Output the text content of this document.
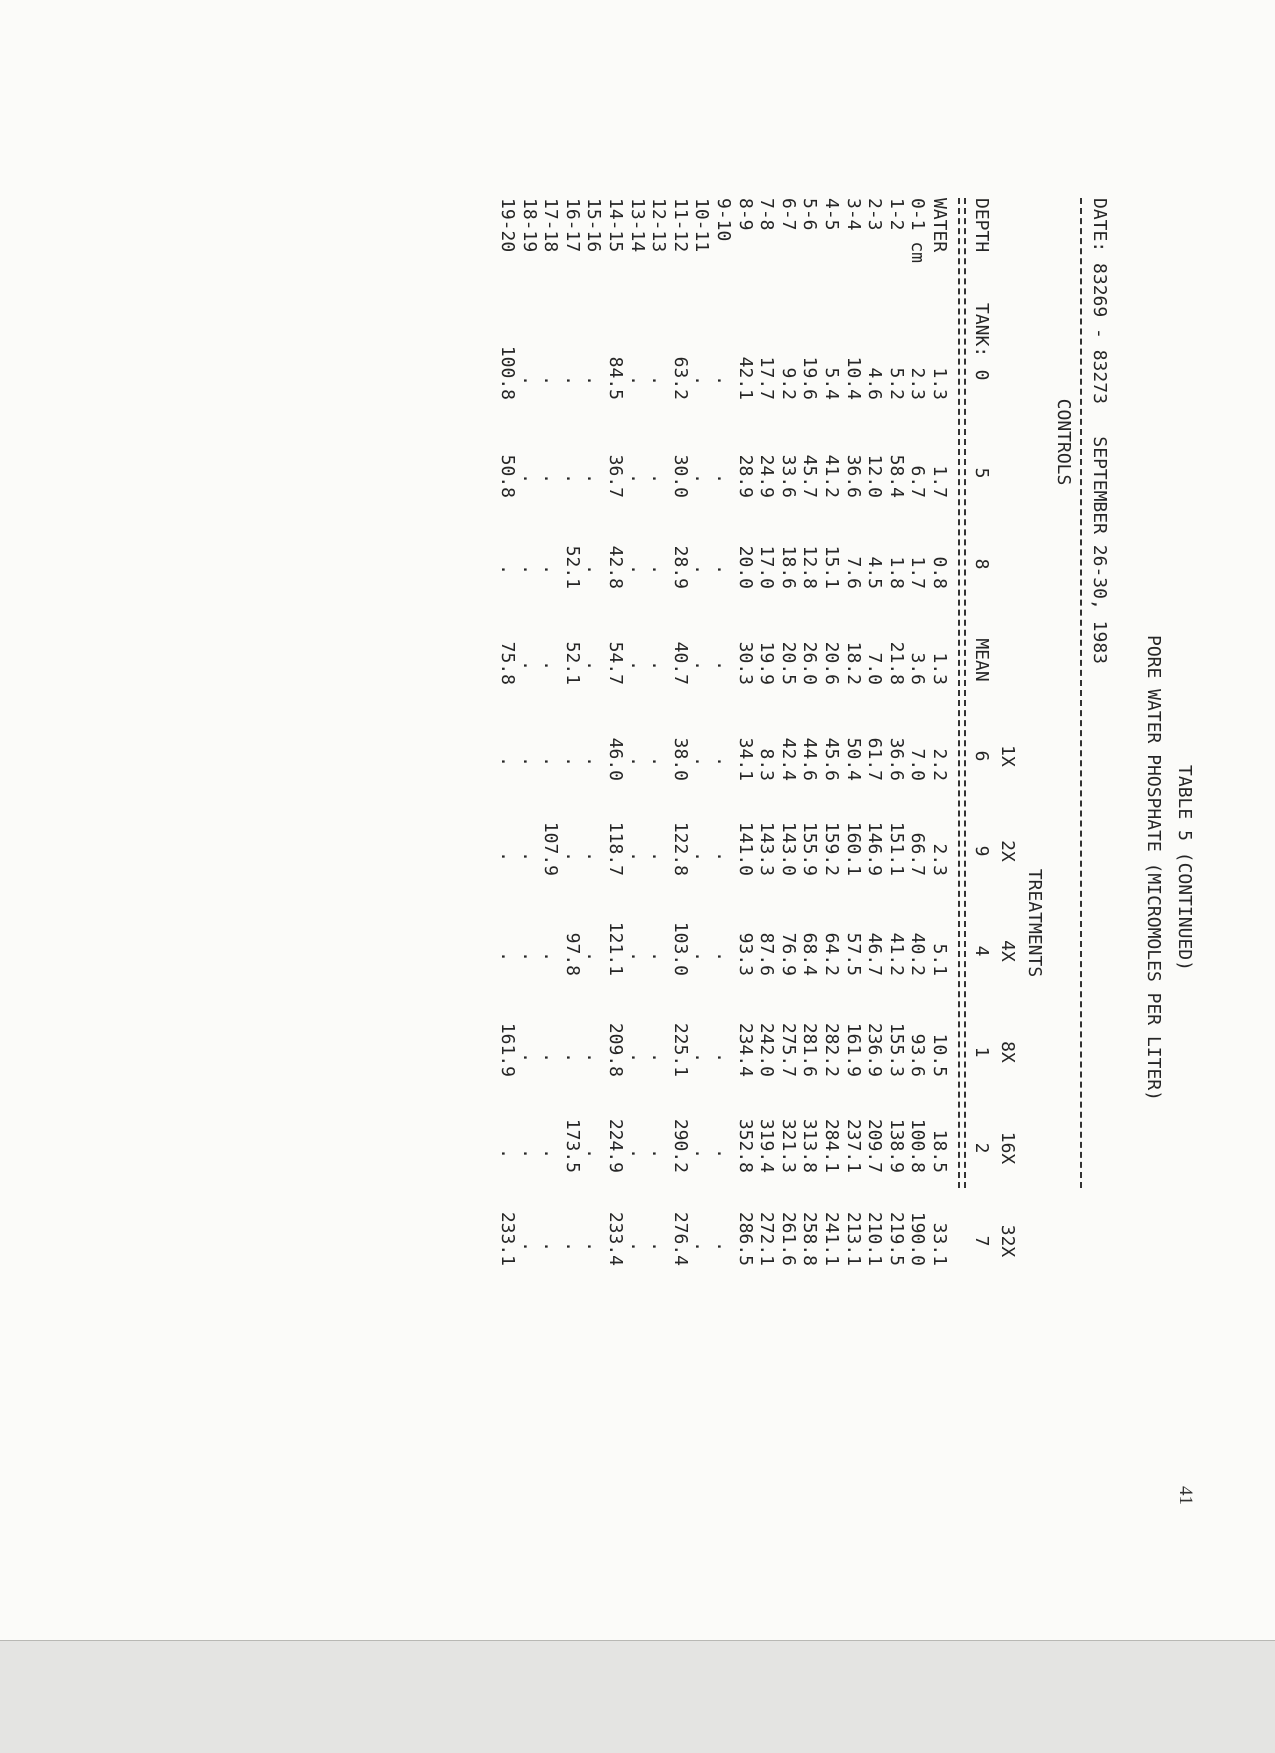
41
TABLE 5 (CONTINUED)
PORE WATER PHOSPHATE (MICROMOLES PER LITER)
DATE: 83269 - 83273   SEPTEMBER 26-30, 1983
CONTROLS
TREATMENTS
DEPTH
TANK:
WATER
1.3
1.7
0.8
1.3
2.2
2.3
5.1
10.5
18.5
33.1
0-1 cm
2.3
6.7
1.7
3.6
7.0
66.7
40.2
93.6
100.8
190.0
1-2
5.2
58.4
1.8
21.8
36.6
151.1
41.2
155.3
138.9
219.5
2-3
4.6
12.0
4.5
7.0
61.7
146.9
46.7
236.9
209.7
210.1
3-4
10.4
36.6
7.6
18.2
50.4
160.1
57.5
161.9
237.1
213.1
4-5
5.4
41.2
15.1
20.6
45.6
159.2
64.2
282.2
284.1
241.1
5-6
19.6
45.7
12.8
26.0
44.6
155.9
68.4
281.6
313.8
258.8
6-7
9.2
33.6
18.6
20.5
42.4
143.0
76.9
275.7
321.3
261.6
7-8
17.7
24.9
17.0
19.9
8.3
143.3
87.6
242.0
319.4
272.1
8-9
42.1
28.9
20.0
30.3
34.1
141.0
93.3
234.4
352.8
286.5
9-10
.
.
.
.
.
.
.
.
.
.
10-11
.
.
.
.
.
.
.
.
.
.
11-12
63.2
30.0
28.9
40.7
38.0
122.8
103.0
225.1
290.2
276.4
12-13
.
.
.
.
.
.
.
.
.
.
13-14
.
.
.
.
.
.
.
.
.
.
14-15
84.5
36.7
42.8
54.7
46.0
118.7
121.1
209.8
224.9
233.4
15-16
.
.
.
.
.
.
.
.
.
.
16-17
.
.
52.1
52.1
.
.
97.8
.
173.5
.
17-18
.
.
.
.
.
107.9
.
.
.
.
18-19
.
.
.
.
.
.
.
.
.
.
19-20
100.8
50.8
.
75.8
.
.
.
161.9
.
233.1
0
5
8
MEAN
1X
6
2X
9
4X
4
8X
1
16X
2
32X
7
